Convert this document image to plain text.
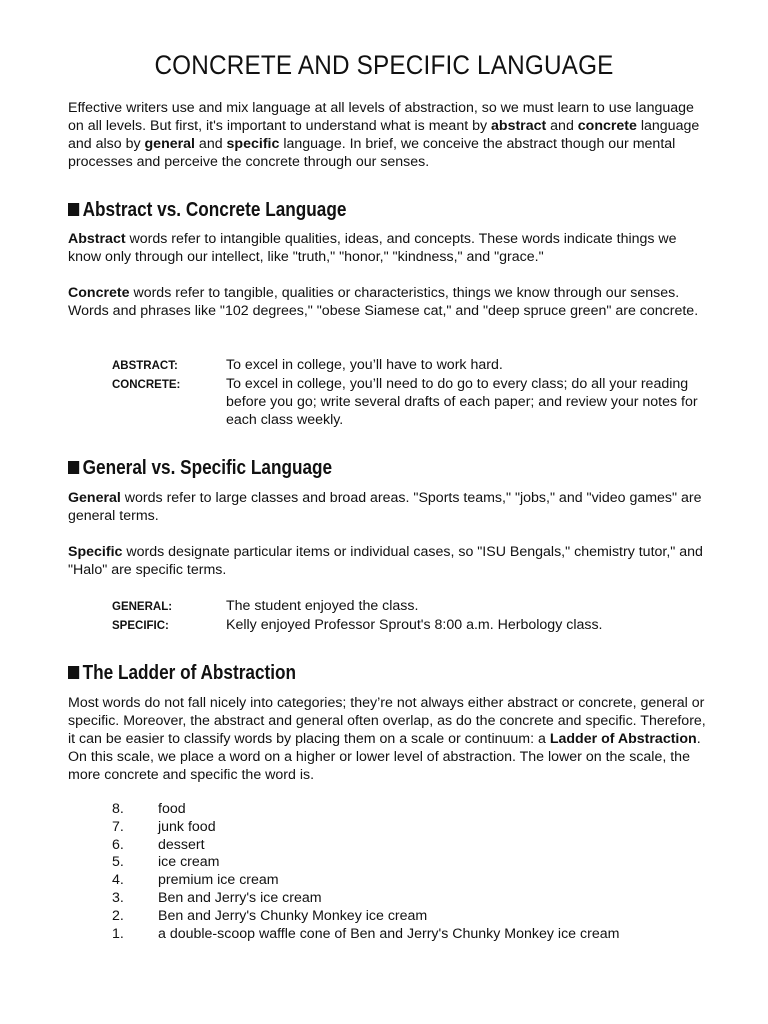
CONCRETE AND SPECIFIC LANGUAGE

Effective writers use and mix language at all levels of abstraction, so we must learn to use language on all levels. But first, it's important to understand what is meant by abstract and concrete language and also by general and specific language. In brief, we conceive the abstract though our mental processes and perceive the concrete through our senses.

Abstract vs. Concrete Language

Abstract words refer to intangible qualities, ideas, and concepts. These words indicate things we know only through our intellect, like "truth," "honor," "kindness," and "grace."

Concrete words refer to tangible, qualities or characteristics, things we know through our senses. Words and phrases like "102 degrees," "obese Siamese cat," and "deep spruce green" are concrete.

ABSTRACT:	To excel in college, you’ll have to work hard.
CONCRETE:	To excel in college, you’ll need to do go to every class; do all your reading before you go; write several drafts of each paper; and review your notes for each class weekly.
General vs. Specific Language

General words refer to large classes and broad areas. "Sports teams," "jobs," and "video games" are general terms.

Specific words designate particular items or individual cases, so "ISU Bengals," chemistry tutor," and "Halo" are specific terms.

GENERAL:	The student enjoyed the class.
SPECIFIC:	Kelly enjoyed Professor Sprout's 8:00 a.m. Herbology class.
The Ladder of Abstraction

Most words do not fall nicely into categories; they’re not always either abstract or concrete, general or specific. Moreover, the abstract and general often overlap, as do the concrete and specific. Therefore, it can be easier to classify words by placing them on a scale or continuum: a Ladder of Abstraction. On this scale, we place a word on a higher or lower level of abstraction. The lower on the scale, the more concrete and specific the word is.

8.	food
7.	junk food
6.	dessert
5.	ice cream
4.	premium ice cream
3.	Ben and Jerry's ice cream
2.	Ben and Jerry's Chunky Monkey ice cream
1.	a double-scoop waffle cone of Ben and Jerry's Chunky Monkey ice cream
